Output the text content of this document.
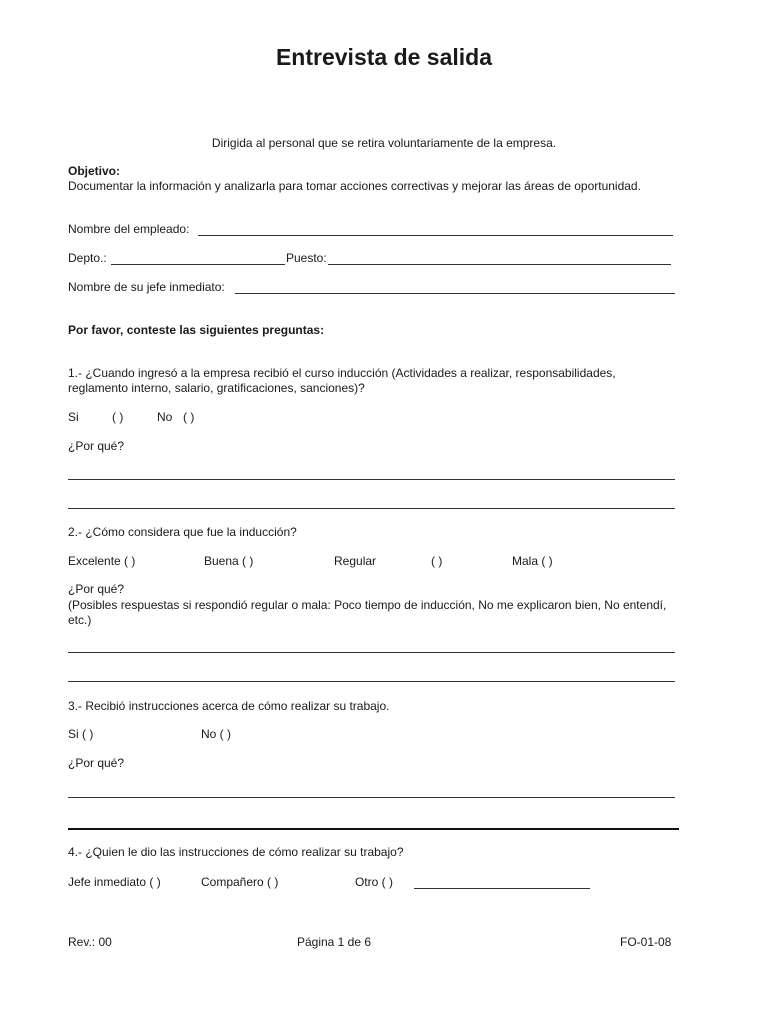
Entrevista de salida
Dirigida al personal que se retira voluntariamente de la empresa.
Objetivo:
Documentar la información y analizarla para tomar acciones correctivas y mejorar las áreas de oportunidad.
Nombre del empleado:
Depto.:	Puesto:
Nombre de su jefe inmediato:
Por favor, conteste las siguientes preguntas:
1.- ¿Cuando ingresó a la empresa recibió el curso inducción (Actividades a realizar, responsabilidades, reglamento interno, salario, gratificaciones, sanciones)?
Si	( )	No ( )
¿Por qué?
2.- ¿Cómo considera que fue la inducción?
Excelente ( )	Buena ( )	Regular	( )	Mala ( )
¿Por qué?
(Posibles respuestas si respondió regular o mala: Poco tiempo de inducción, No me explicaron bien, No entendí, etc.)
3.- Recibió instrucciones acerca de cómo realizar su trabajo.
Si ( )	No ( )
¿Por qué?
4.- ¿Quien le dio las instrucciones de cómo realizar su trabajo?
Jefe inmediato ( )	Compañero ( )	Otro ( )
Rev.: 00	Página 1 de 6	FO-01-08
